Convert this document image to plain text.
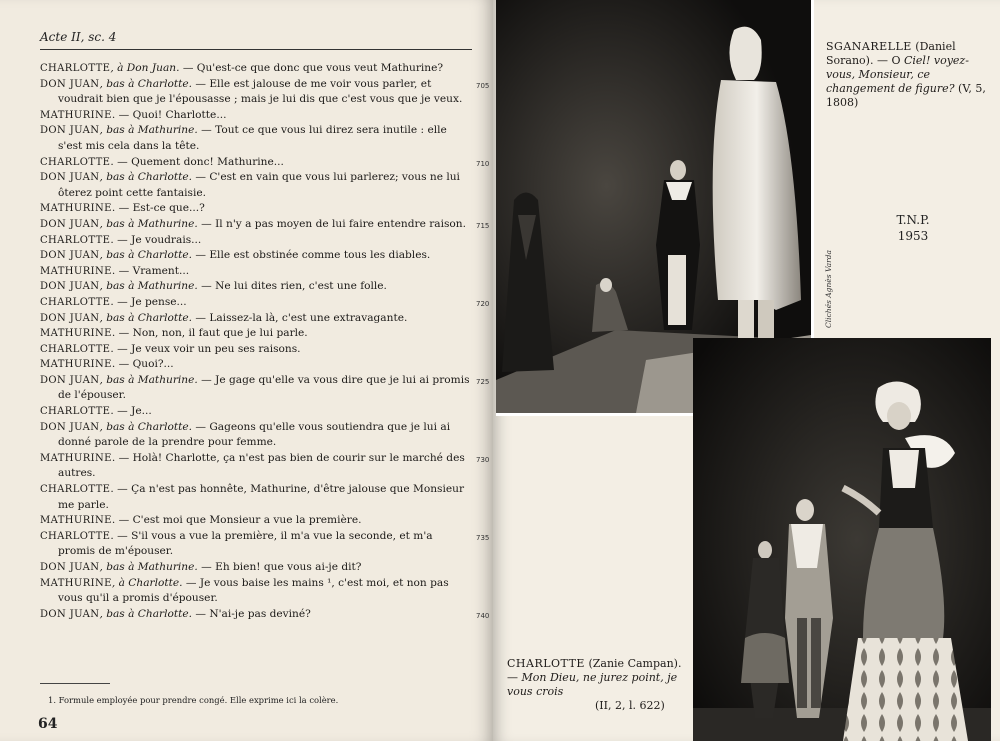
Acte II, sc. 4
CHARLOTTE, à Don Juan. — Qu'est-ce que donc que vous veut Mathurine?
DON JUAN, bas à Charlotte. — Elle est jalouse de me voir vous parler, et voudrait bien que je l'épousasse ; mais je lui dis que c'est vous que je veux.
705
MATHURINE. — Quoi! Charlotte...
DON JUAN, bas à Mathurine. — Tout ce que vous lui direz sera inutile : elle s'est mis cela dans la tête.
CHARLOTTE. — Quement donc! Mathurine...	710
DON JUAN, bas à Charlotte. — C'est en vain que vous lui parlerez; vous ne lui ôterez point cette fantaisie.
MATHURINE. — Est-ce que...?
DON JUAN, bas à Mathurine. — Il n'y a pas moyen de lui faire entendre raison. 715
CHARLOTTE. — Je voudrais...
DON JUAN, bas à Charlotte. — Elle est obstinée comme tous les diables.
MATHURINE. — Vrament...
DON JUAN, bas à Mathurine. — Ne lui dites rien, c'est une folle.
CHARLOTTE. — Je pense...	720
DON JUAN, bas à Charlotte. — Laissez-la là, c'est une extravagante.
MATHURINE. — Non, non, il faut que je lui parle.
CHARLOTTE. — Je veux voir un peu ses raisons.
MATHURINE. — Quoi?...
DON JUAN, bas à Mathurine. — Je gage qu'elle va vous dire que je lui ai promis de l'épouser.
725
CHARLOTTE. — Je...
DON JUAN, bas à Charlotte. — Gageons qu'elle vous soutiendra que je lui ai donné parole de la prendre pour femme.
MATHURINE. — Holà! Charlotte, ça n'est pas bien de courir sur le marché des autres.
730
CHARLOTTE. — Ça n'est pas honnête, Mathurine, d'être jalouse que Monsieur me parle.
MATHURINE. — C'est moi que Monsieur a vue la première.
CHARLOTTE. — S'il vous a vue la première, il m'a vue la seconde, et m'a promis de m'épouser.
735
DON JUAN, bas à Mathurine. — Eh bien! que vous ai-je dit?
MATHURINE, à Charlotte. — Je vous baise les mains ¹, c'est moi, et non pas vous qu'il a promis d'épouser.
DON JUAN, bas à Charlotte. — N'ai-je pas deviné?	740
1. Formule employée pour prendre congé. Elle exprime ici la colère.
64
Clichés Agnès Varda
SGANARELLE (Daniel Sorano). — O Ciel! voyez-vous, Monsieur, ce changement de figure? (V, 5, 1808)
T.N.P.
1953
CHARLOTTE (Zanie Campan). — Mon Dieu, ne jurez point, je vous crois
(II, 2, l. 622)
